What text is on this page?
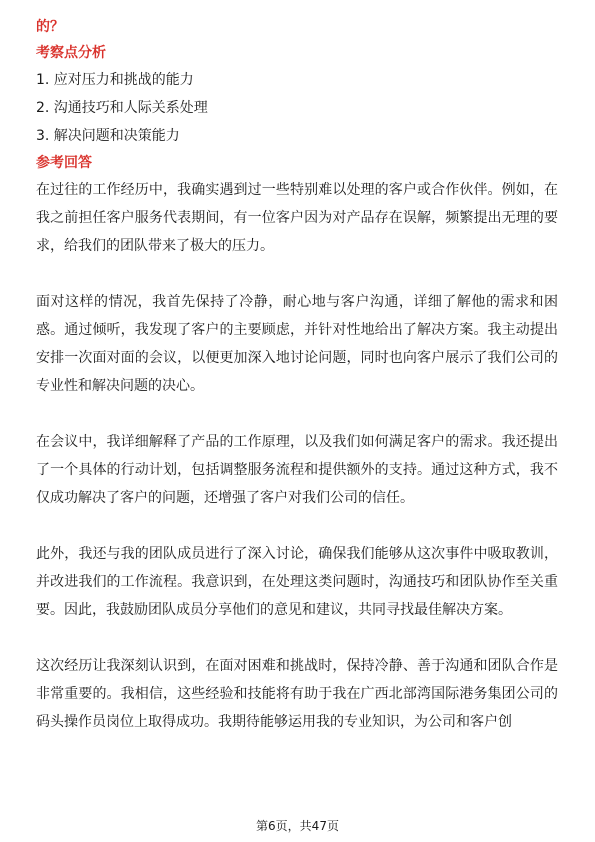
的？

考察点分析

1. 应对压力和挑战的能力

2. 沟通技巧和人际关系处理

3. 解决问题和决策能力

参考回答

在过往的工作经历中，我确实遇到过一些特别难以处理的客户或合作伙伴。例如，在我之前担任客户服务代表期间，有一位客户因为对产品存在误解，频繁提出无理的要求，给我们的团队带来了极大的压力。

面对这样的情况，我首先保持了冷静，耐心地与客户沟通，详细了解他的需求和困惑。通过倾听，我发现了客户的主要顾虑，并针对性地给出了解决方案。我主动提出安排一次面对面的会议，以便更加深入地讨论问题，同时也向客户展示了我们公司的专业性和解决问题的决心。

在会议中，我详细解释了产品的工作原理，以及我们如何满足客户的需求。我还提出了一个具体的行动计划，包括调整服务流程和提供额外的支持。通过这种方式，我不仅成功解决了客户的问题，还增强了客户对我们公司的信任。

此外，我还与我的团队成员进行了深入讨论，确保我们能够从这次事件中吸取教训，并改进我们的工作流程。我意识到，在处理这类问题时，沟通技巧和团队协作至关重要。因此，我鼓励团队成员分享他们的意见和建议，共同寻找最佳解决方案。

这次经历让我深刻认识到，在面对困难和挑战时，保持冷静、善于沟通和团队合作是非常重要的。我相信，这些经验和技能将有助于我在广西北部湾国际港务集团公司的码头操作员岗位上取得成功。我期待能够运用我的专业知识，为公司和客户创

第6页，共47页
